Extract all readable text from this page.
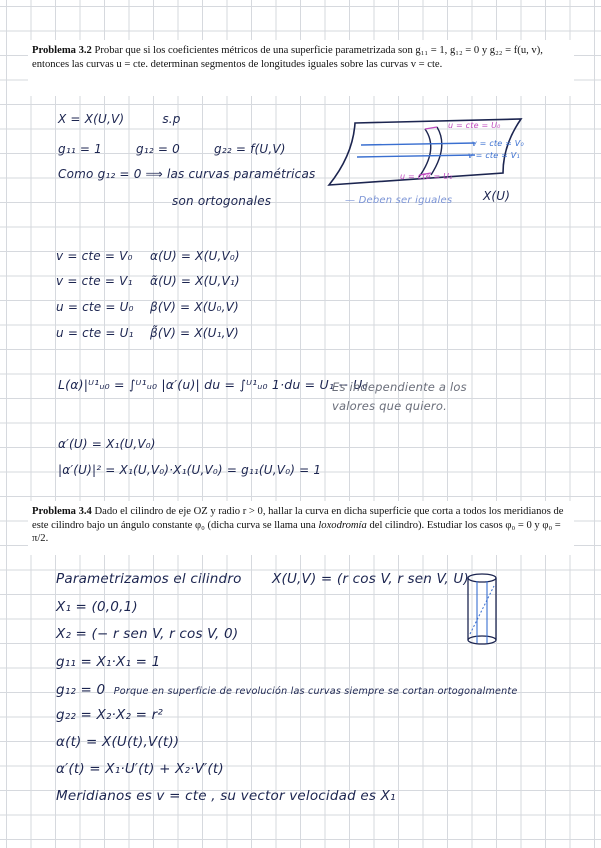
Problema 3.2 Probar que si los coeficientes métricos de una superficie parametrizada son g₁₁ = 1, g₁₂ = 0 y g₂₂ = f(u, v), entonces las curvas u = cte. determinan segmentos de longitudes iguales sobre las curvas v = cte.
X = X(U,V)	s.p
g₁₁ = 1	g₁₂ = 0	g₂₂ = f(U,V)
Como g₁₂ = 0 ⟹ las curvas paramétricas
son ortogonales
u = cte = U₀
v = cte = V₀
v = cte = V₁
u = cte = U₁
— Deben ser iguales	X(U)
v = cte = V₀ α(U) = X(U,V₀)
v = cte = V₁ α̃(U) = X(U,V₁)
u = cte = U₀ β(V) = X(U₀,V)
u = cte = U₁ β̃(V) = X(U₁,V)
L(α)|ᵁ¹ᵤ₀ = ∫ᵁ¹ᵤ₀ |α′(u)| du = ∫ᵁ¹ᵤ₀ 1·du = U₁ − U₀
Es independiente a los
valores que quiero.
α′(U) = X₁(U,V₀)
|α′(U)|² = X₁(U,V₀)·X₁(U,V₀) = g₁₁(U,V₀) = 1
Problema 3.4 Dado el cilindro de eje OZ y radio r > 0, hallar la curva en dicha superficie que corta a todos los meridianos de este cilindro bajo un ángulo constante φ₀ (dicha curva se llama una loxodromía del cilindro). Estudiar los casos φ₀ = 0 y φ₀ = π/2.
Parametrizamos el cilindro X(U,V) = (r cos V, r sen V, U)
X₁ = (0,0,1)
X₂ = (− r sen V, r cos V, 0)
g₁₁ = X₁·X₁ = 1
g₁₂ = 0 Porque en superficie de revolución las curvas siempre se cortan ortogonalmente
g₂₂ = X₂·X₂ = r²
α(t) = X(U(t),V(t))
α′(t) = X₁·U′(t) + X₂·V′(t)
Meridianos es v = cte , su vector velocidad es X₁
